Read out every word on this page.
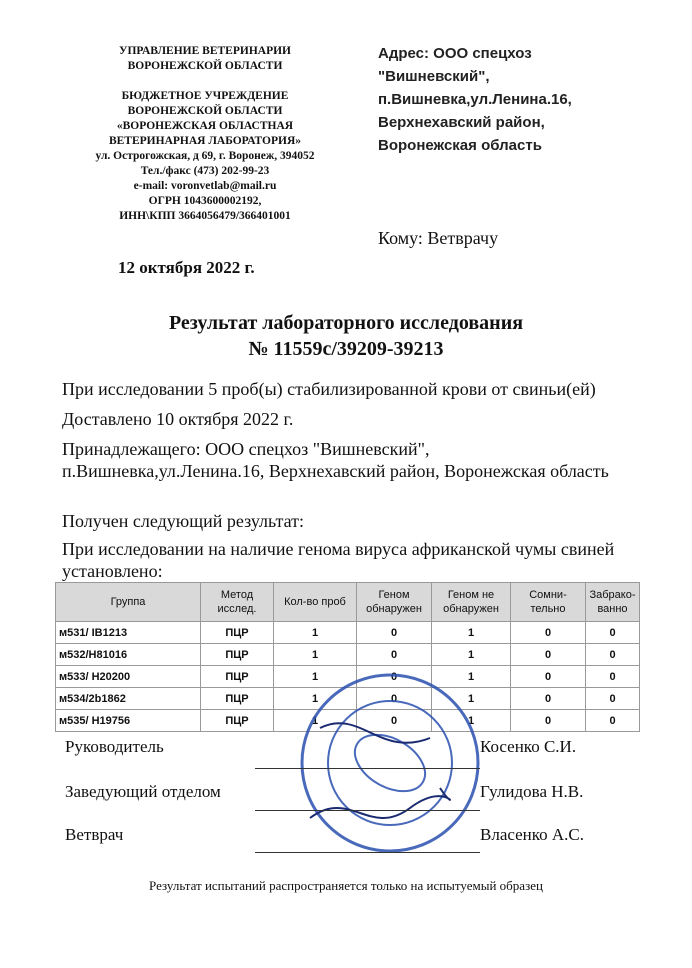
УПРАВЛЕНИЕ ВЕТЕРИНАРИИ
ВОРОНЕЖСКОЙ ОБЛАСТИ
БЮДЖЕТНОЕ УЧРЕЖДЕНИЕ
ВОРОНЕЖСКОЙ ОБЛАСТИ
«ВОРОНЕЖСКАЯ ОБЛАСТНАЯ
ВЕТЕРИНАРНАЯ ЛАБОРАТОРИЯ»
ул. Острогожская, д 69, г. Воронеж, 394052
Тел./факс (473) 202-99-23
e-mail: voronvetlab@mail.ru
ОГРН 1043600002192,
ИНН\КПП 3664056479/366401001
Адрес: ООО спецхоз
"Вишневский",
п.Вишневка,ул.Ленина.16,
Верхнехавский район,
Воронежская область
Кому: Ветврачу
12 октября 2022 г.
Результат лабораторного исследования
№ 11559с/39209-39213
При исследовании 5 проб(ы) стабилизированной крови от свиньи(ей)
Доставлено 10 октября 2022 г.
Принадлежащего: ООО спецхоз "Вишневский", п.Вишневка,ул.Ленина.16, Верхнехавский район, Воронежская область
Получен следующий результат:
При исследовании на наличие генома вируса африканской чумы свиней установлено:
Группа	Метод исслед.	Кол-во проб	Геном обнаружен	Геном не обнаружен	Сомни-тельно	Забрако-ванно
м531/ IB1213	ПЦР	1	0	1	0	0
м532/H81016	ПЦР	1	0	1	0	0
м533/ H20200	ПЦР	1	0	1	0	0
м534/2b1862	ПЦР	1	0	1	0	0
м535/ H19756	ПЦР	1	0	1	0	0
Руководитель	Косенко С.И.
Заведующий отделом	Гулидова Н.В.
Ветврач	Власенко А.С.
Результат испытаний распространяется только на испытуемый образец
